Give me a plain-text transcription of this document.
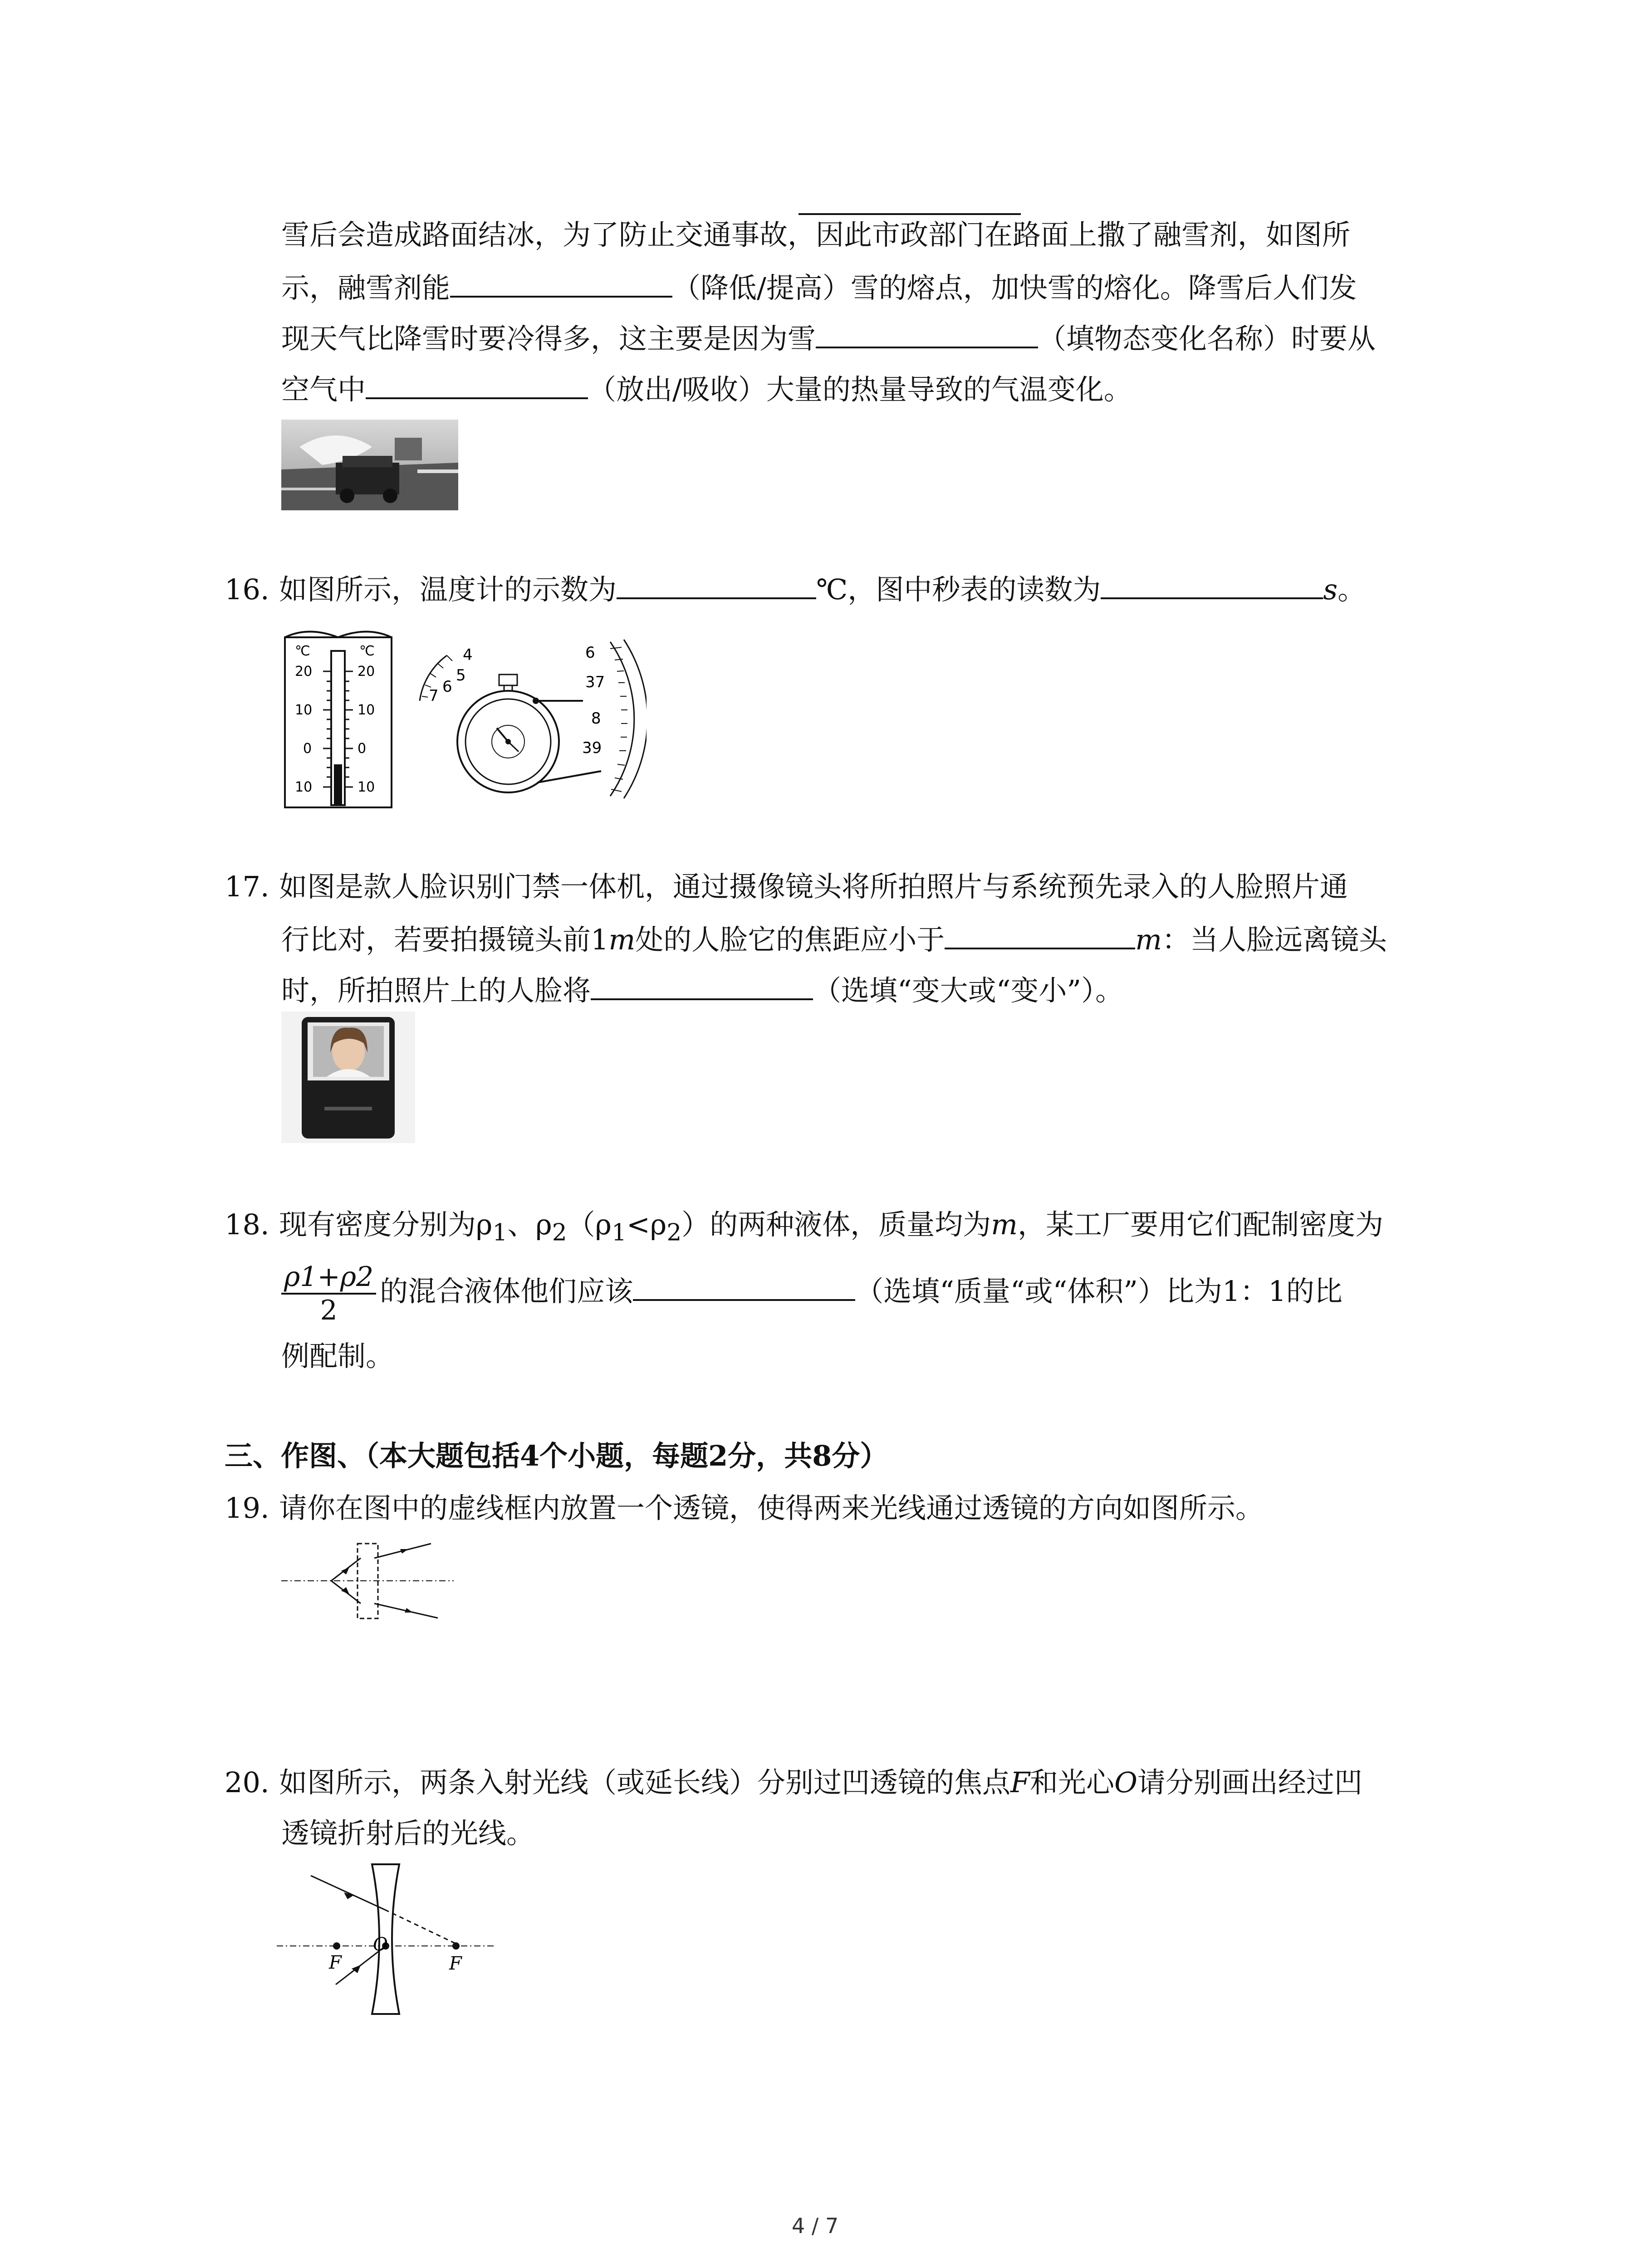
雪后会造成路面结冰，为了防止交通事故，因此市政部门在路面上撒了融雪剂，如图所
示，融雪剂能	（降低/提高）雪的熔点，加快雪的熔化。降雪后人们发
现天气比降雪时要冷得多，这主要是因为雪	（填物态变化名称）时要从
空气中	（放出/吸收）大量的热量导致的气温变化。
16. 如图所示，温度计的示数为	℃，图中秒表的读数为	s。
℃	℃
20	20
10	10
0	0
10	10
4
5
6
7
6
37
8
39
17. 如图是款人脸识别门禁一体机，通过摄像镜头将所拍照片与系统预先录入的人脸照片通
行比对，若要拍摄镜头前1m处的人脸它的焦距应小于	m：当人脸远离镜头
时，所拍照片上的人脸将	（选填“变大或“变小”）。
18. 现有密度分别为$\rho_1$、$\rho_2(\rho_1<\rho_2)$的两种液体，质量均为m，某工厂要用它们配制密度为
$\frac{\rho 1+\rho 2}{2}$ 的混合液体他们应该	（选填“质量“或“体积”）比为1：1的比
例配制。
三、作图、（本大题包括4个小题，每题2分，共8分）
19. 请你在图中的虚线框内放置一个透镜，使得两来光线通过透镜的方向如图所示。
20. 如图所示，两条入射光线（或延长线）分别过凹透镜的焦点F和光心O请分别画出经过凹
透镜折射后的光线。
F
O
F
4 / 7
